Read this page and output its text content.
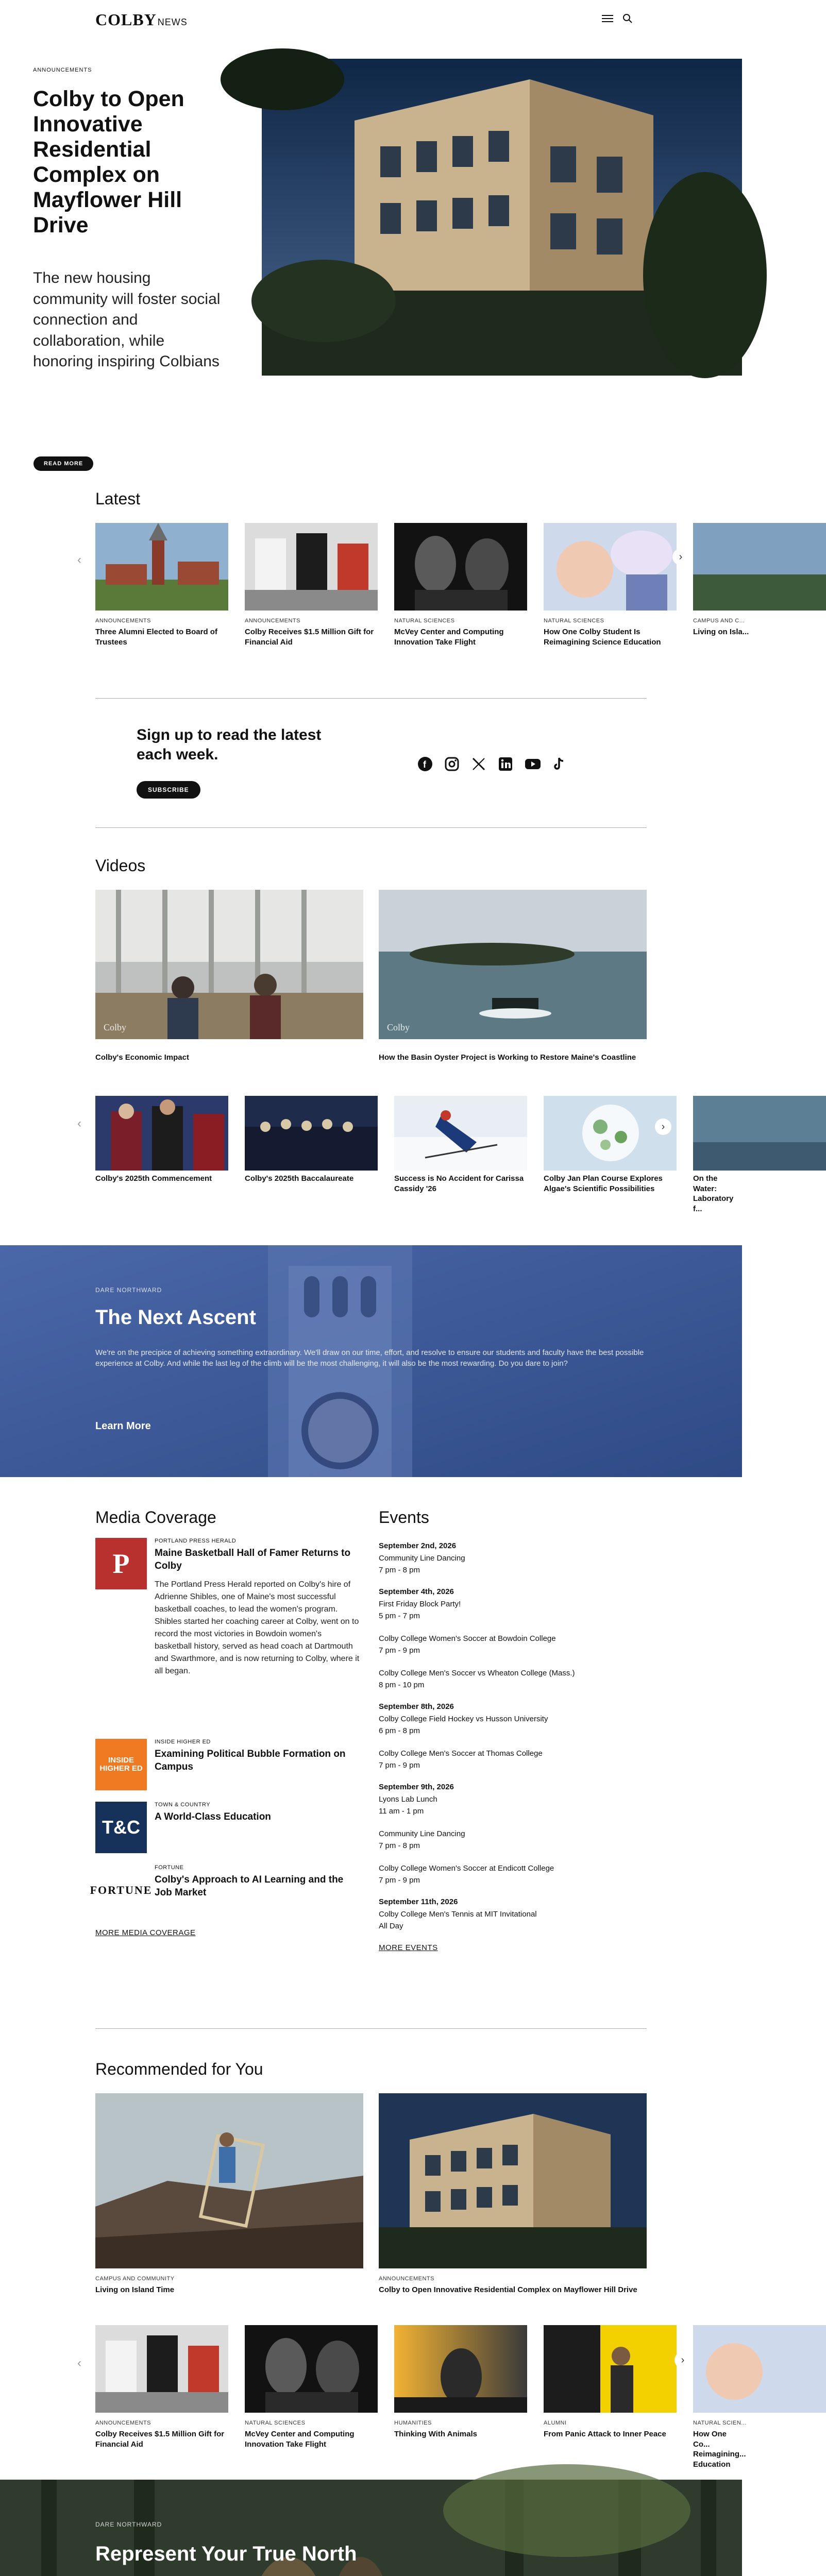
COLBY NEWS
ANNOUNCEMENTS
Colby to Open Innovative Residential Complex on Mayflower Hill Drive

The new housing community will foster social connection and collaboration, while honoring inspiring Colbians

READ MORE
Latest
‹
ANNOUNCEMENTS
Three Alumni Elected to Board of Trustees
ANNOUNCEMENTS
Colby Receives $1.5 Million Gift for Financial Aid
NATURAL SCIENCES
McVey Center and Computing Innovation Take Flight
NATURAL SCIENCES
How One Colby Student Is Reimagining Science Education
CAMPUS AND C...
Living on Isla...
›
Sign up to read the latest each week.
SUBSCRIBE
f
Videos
Colby
Colby's Economic Impact
Colby
How the Basin Oyster Project is Working to Restore Maine's Coastline
‹
Colby's 2025th Commencement	Colby's 2025th Baccalaureate	Success is No Accident for Carissa Cassidy '26
Colby Jan Plan Course Explores Algae's Scientific Possibilities
On the Water: Laboratory f...
›
DARE NORTHWARD
The Next Ascent

We're on the precipice of achieving something extraordinary. We'll draw on our time, effort, and resolve to ensure our students and faculty have the best possible experience at Colby. And while the last leg of the climb will be the most challenging, it will also be the most rewarding. Do you dare to join?

Learn More
Media Coverage
P
PORTLAND PRESS HERALD
Maine Basketball Hall of Famer Returns to Colby

The Portland Press Herald reported on Colby's hire of Adrienne Shibles, one of Maine's most successful basketball coaches, to lead the women's program. Shibles started her coaching career at Colby, went on to record the most victories in Bowdoin women's basketball history, served as head coach at Dartmouth and Swarthmore, and is now returning to Colby, where it all began.

INSIDE HIGHER ED
INSIDE HIGHER ED
Examining Political Bubble Formation on Campus
T&C
TOWN & COUNTRY
A World-Class Education
FORTUNE
FORTUNE
Colby's Approach to AI Learning and the Job Market
MORE MEDIA COVERAGE
Events
September 2nd, 2026
Community Line Dancing
7 pm - 8 pm
September 4th, 2026
First Friday Block Party!
5 pm - 7 pm
Colby College Women's Soccer at Bowdoin College
7 pm - 9 pm
Colby College Men's Soccer vs Wheaton College (Mass.)
8 pm - 10 pm
September 8th, 2026
Colby College Field Hockey vs Husson University
6 pm - 8 pm
Colby College Men's Soccer at Thomas College
7 pm - 9 pm
September 9th, 2026
Lyons Lab Lunch
11 am - 1 pm
Community Line Dancing
7 pm - 8 pm
Colby College Women's Soccer at Endicott College
7 pm - 9 pm
September 11th, 2026
Colby College Men's Tennis at MIT Invitational
All Day
MORE EVENTS
Recommended for You
CAMPUS AND COMMUNITY
Living on Island Time
ANNOUNCEMENTS
Colby to Open Innovative Residential Complex on Mayflower Hill Drive
‹
ANNOUNCEMENTS
Colby Receives $1.5 Million Gift for Financial Aid
NATURAL SCIENCES
McVey Center and Computing Innovation Take Flight
HUMANITIES
Thinking With Animals
ALUMNI
From Panic Attack to Inner Peace
NATURAL SCIEN...
How One Co... Reimagining... Education
›
DARE NORTHWARD
Represent Your True North
